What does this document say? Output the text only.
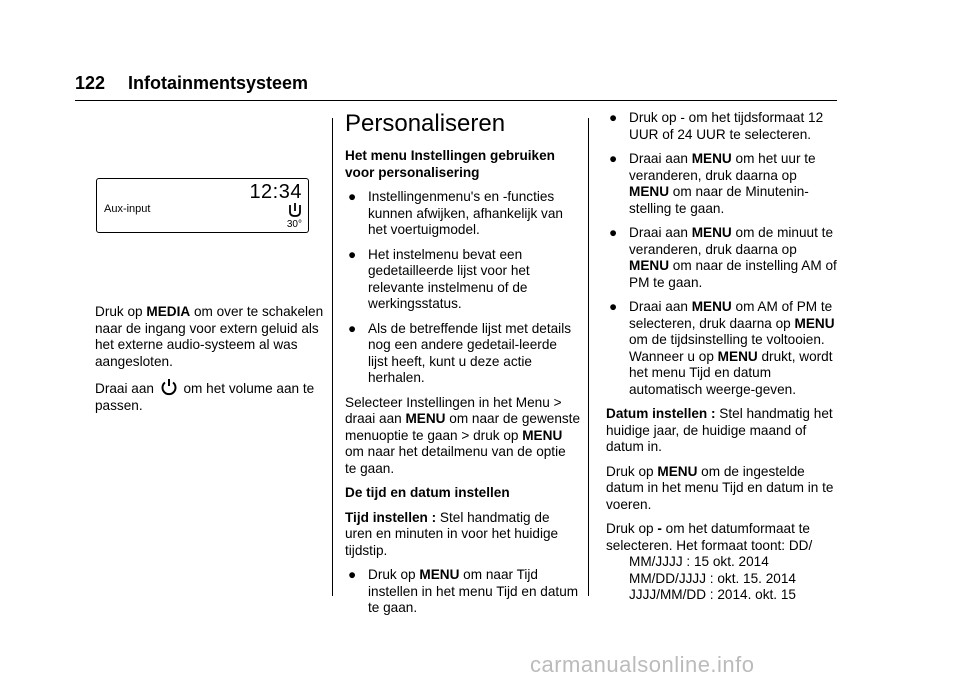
122 Infotainmentsysteem
12:34
Aux-input
30°

Druk op MEDIA om over te schakelen naar de ingang voor extern geluid als het externe audio-systeem al was aangesloten.

Draai aan  om het volume aan te passen.

Personaliseren

Het menu Instellingen gebruiken voor personalisering

● Instellingenmenu's en -functies kunnen afwijken, afhankelijk van het voertuigmodel.
● Het instelmenu bevat een gedetailleerde lijst voor het relevante instelmenu of de werkingsstatus.
● Als de betreffende lijst met details nog een andere gedetail-leerde lijst heeft, kunt u deze actie herhalen.

Selecteer Instellingen in het Menu > draai aan MENU om naar de gewenste menuoptie te gaan > druk op MENU om naar het detailmenu van de optie te gaan.

De tijd en datum instellen

Tijd instellen : Stel handmatig de uren en minuten in voor het huidige tijdstip.

● Druk op MENU om naar Tijd instellen in het menu Tijd en datum te gaan.
● Druk op - om het tijdsformaat 12 UUR of 24 UUR te selecteren.
● Draai aan MENU om het uur te veranderen, druk daarna op MENU om naar de Minutenin-stelling te gaan.
● Draai aan MENU om de minuut te veranderen, druk daarna op MENU om naar de instelling AM of PM te gaan.
● Draai aan MENU om AM of PM te selecteren, druk daarna op MENU om de tijdsinstelling te voltooien. Wanneer u op MENU drukt, wordt het menu Tijd en datum automatisch weerge-geven.

Datum instellen : Stel handmatig het huidige jaar, de huidige maand of datum in.

Druk op MENU om de ingestelde datum in het menu Tijd en datum in te voeren.

Druk op - om het datumformaat te selecteren. Het formaat toont: DD/
MM/JJJJ : 15 okt. 2014
MM/DD/JJJJ : okt. 15. 2014
JJJJ/MM/DD : 2014. okt. 15

carmanualsonline.info
